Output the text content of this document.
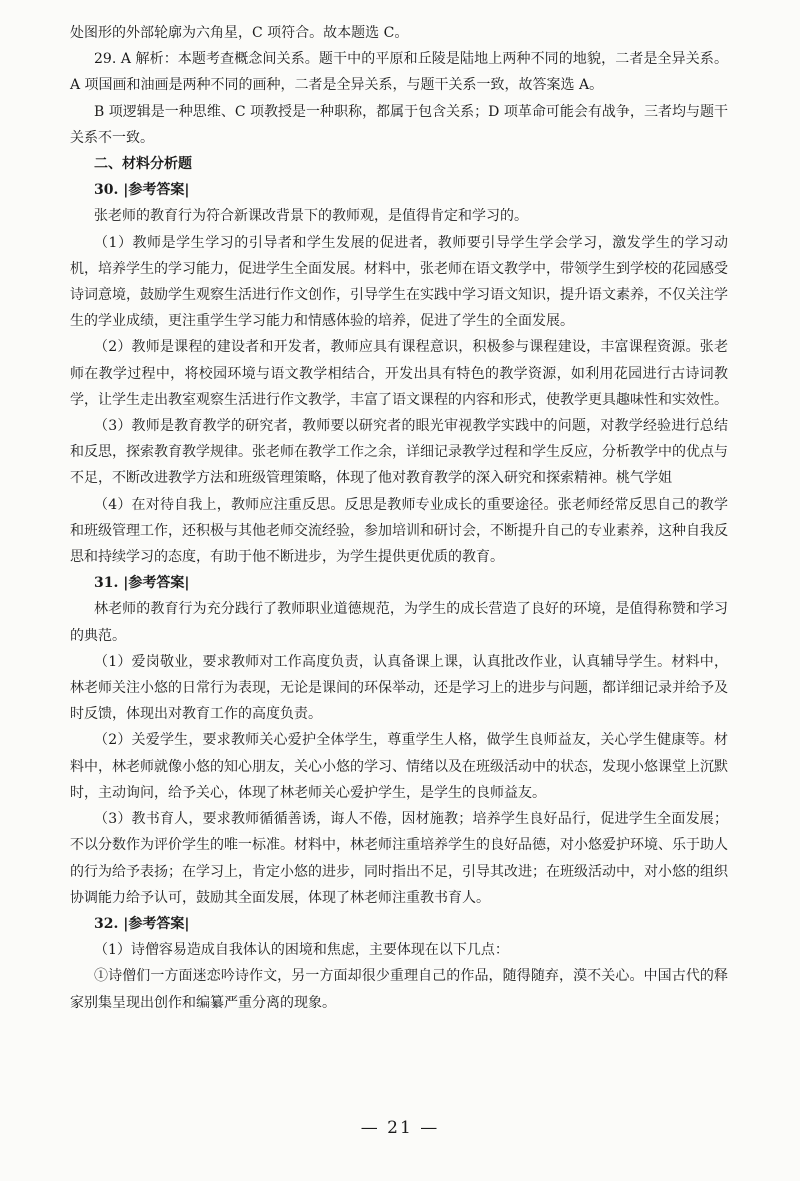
处图形的外部轮廓为六角星，C 项符合。故本题选 C。

29. A 解析：本题考查概念间关系。题干中的平原和丘陵是陆地上两种不同的地貌，二者是全异关系。A 项国画和油画是两种不同的画种，二者是全异关系，与题干关系一致，故答案选 A。

B 项逻辑是一种思维、C 项教授是一种职称，都属于包含关系；D 项革命可能会有战争，三者均与题干关系不一致。

二、材料分析题

30. |参考答案|

张老师的教育行为符合新课改背景下的教师观，是值得肯定和学习的。

（1）教师是学生学习的引导者和学生发展的促进者，教师要引导学生学会学习，激发学生的学习动机，培养学生的学习能力，促进学生全面发展。材料中，张老师在语文教学中，带领学生到学校的花园感受诗词意境，鼓励学生观察生活进行作文创作，引导学生在实践中学习语文知识，提升语文素养，不仅关注学生的学业成绩，更注重学生学习能力和情感体验的培养，促进了学生的全面发展。

（2）教师是课程的建设者和开发者，教师应具有课程意识，积极参与课程建设，丰富课程资源。张老师在教学过程中，将校园环境与语文教学相结合，开发出具有特色的教学资源，如利用花园进行古诗词教学，让学生走出教室观察生活进行作文教学，丰富了语文课程的内容和形式，使教学更具趣味性和实效性。

（3）教师是教育教学的研究者，教师要以研究者的眼光审视教学实践中的问题，对教学经验进行总结和反思，探索教育教学规律。张老师在教学工作之余，详细记录教学过程和学生反应，分析教学中的优点与不足，不断改进教学方法和班级管理策略，体现了他对教育教学的深入研究和探索精神。桃气学姐

（4）在对待自我上，教师应注重反思。反思是教师专业成长的重要途径。张老师经常反思自己的教学和班级管理工作，还积极与其他老师交流经验，参加培训和研讨会，不断提升自己的专业素养，这种自我反思和持续学习的态度，有助于他不断进步，为学生提供更优质的教育。

31. |参考答案|

林老师的教育行为充分践行了教师职业道德规范，为学生的成长营造了良好的环境，是值得称赞和学习的典范。

（1）爱岗敬业，要求教师对工作高度负责，认真备课上课，认真批改作业，认真辅导学生。材料中，林老师关注小悠的日常行为表现，无论是课间的环保举动，还是学习上的进步与问题，都详细记录并给予及时反馈，体现出对教育工作的高度负责。

（2）关爱学生，要求教师关心爱护全体学生，尊重学生人格，做学生良师益友，关心学生健康等。材料中，林老师就像小悠的知心朋友，关心小悠的学习、情绪以及在班级活动中的状态，发现小悠课堂上沉默时，主动询问，给予关心，体现了林老师关心爱护学生，是学生的良师益友。

（3）教书育人，要求教师循循善诱，诲人不倦，因材施教；培养学生良好品行，促进学生全面发展；不以分数作为评价学生的唯一标准。材料中，林老师注重培养学生的良好品德，对小悠爱护环境、乐于助人的行为给予表扬；在学习上，肯定小悠的进步，同时指出不足，引导其改进；在班级活动中，对小悠的组织协调能力给予认可，鼓励其全面发展，体现了林老师注重教书育人。

32. |参考答案|

（1）诗僧容易造成自我体认的困境和焦虑，主要体现在以下几点：

①诗僧们一方面迷恋吟诗作文，另一方面却很少重理自己的作品，随得随弃，漠不关心。中国古代的释家别集呈现出创作和编纂严重分离的现象。

— 21 —
